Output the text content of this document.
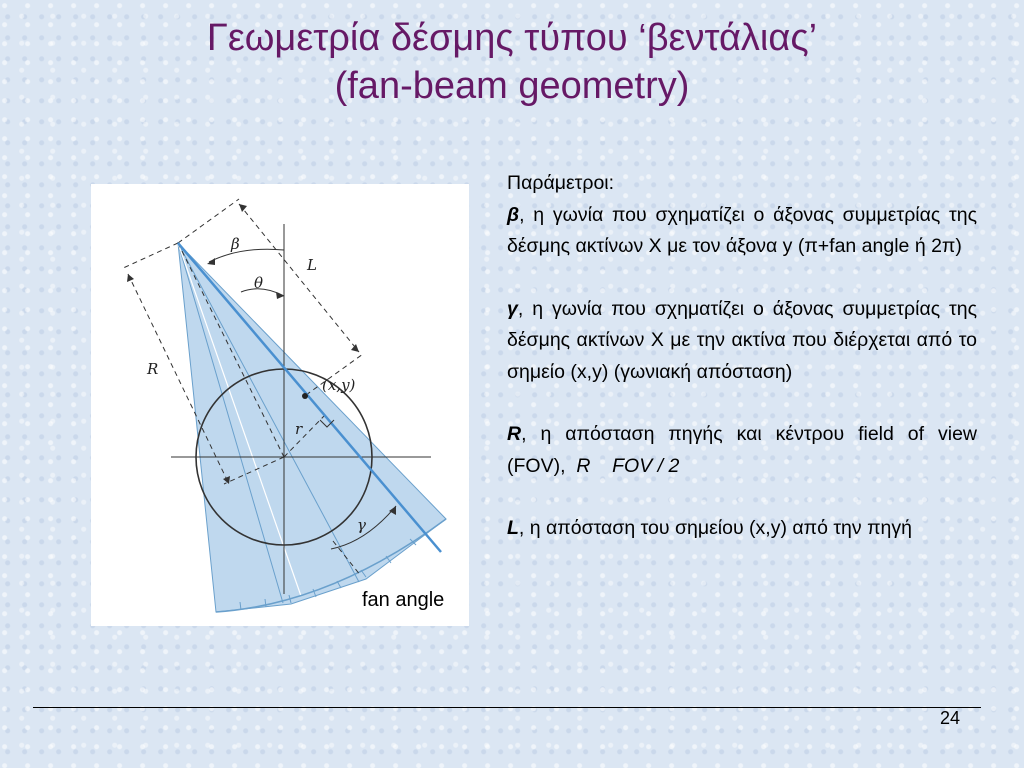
Γεωμετρία δέσμης τύπου ‘βεντάλιας’
(fan-beam geometry)
β
θ
L
R
(x,y)
r
γ
fan angle

Παράμετροι:

β, η γωνία που σχηματίζει ο άξονας συμμετρίας της δέσμης ακτίνων Χ με τον άξονα y (π+fan angle ή 2π)

γ, η γωνία που σχηματίζει ο άξονας συμμετρίας της δέσμης ακτίνων Χ με την ακτίνα που διέρχεται από το σημείο (x,y) (γωνιακή απόσταση)

R, η απόσταση πηγής και κέντρου field of view (FOV), R FOV / 2

L, η απόσταση του σημείου (x,y) από την πηγή

24
